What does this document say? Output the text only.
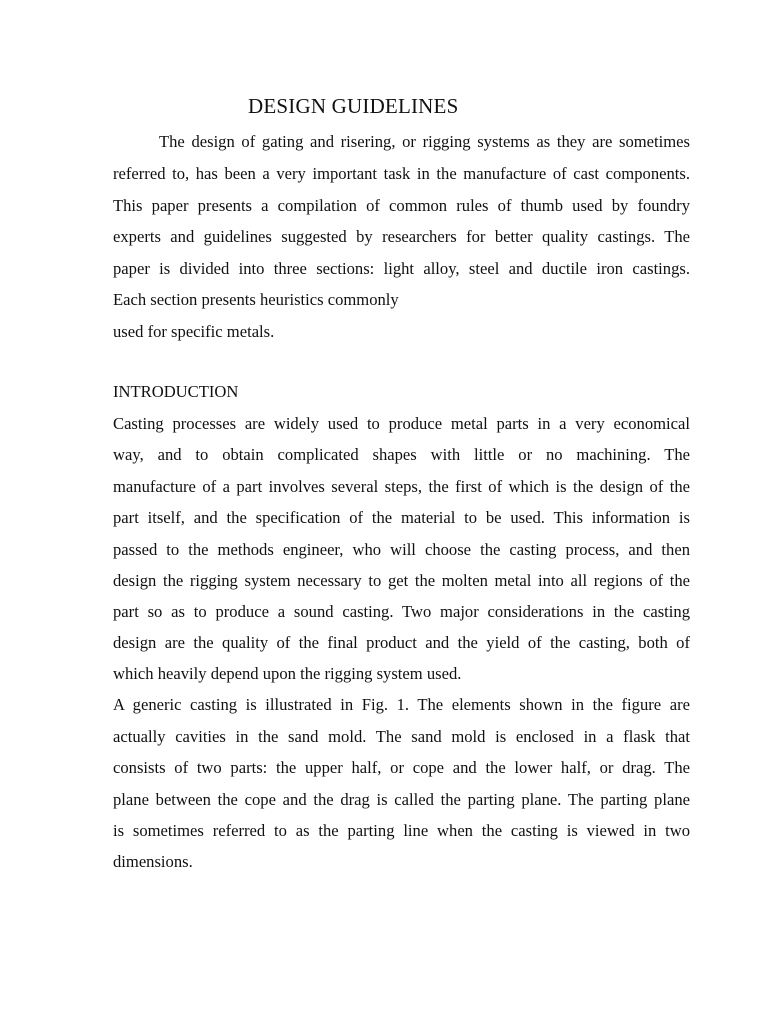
DESIGN GUIDELINES
The design of gating and risering, or rigging systems as they are sometimes
referred to, has been a very important task in the manufacture of cast components.
This paper presents a compilation of common rules of thumb used by foundry
experts and guidelines suggested by researchers for better quality castings. The
paper is divided into three sections: light alloy, steel and ductile iron castings.
Each section presents heuristics commonly
used for specific metals.
INTRODUCTION
Casting processes are widely used to produce metal parts in a very economical
way, and to obtain complicated shapes with little or no machining. The
manufacture of a part involves several steps, the first of which is the design of the
part itself, and the specification of the material to be used. This information is
passed to the methods engineer, who will choose the casting process, and then
design the rigging system necessary to get the molten metal into all regions of the
part so as to produce a sound casting. Two major considerations in the casting
design are the quality of the final product and the yield of the casting, both of
which heavily depend upon the rigging system used.
A generic casting is illustrated in Fig. 1. The elements shown in the figure are
actually cavities in the sand mold. The sand mold is enclosed in a flask that
consists of two parts: the upper half, or cope and the lower half, or drag. The
plane between the cope and the drag is called the parting plane. The parting plane
is sometimes referred to as the parting line when the casting is viewed in two
dimensions.
